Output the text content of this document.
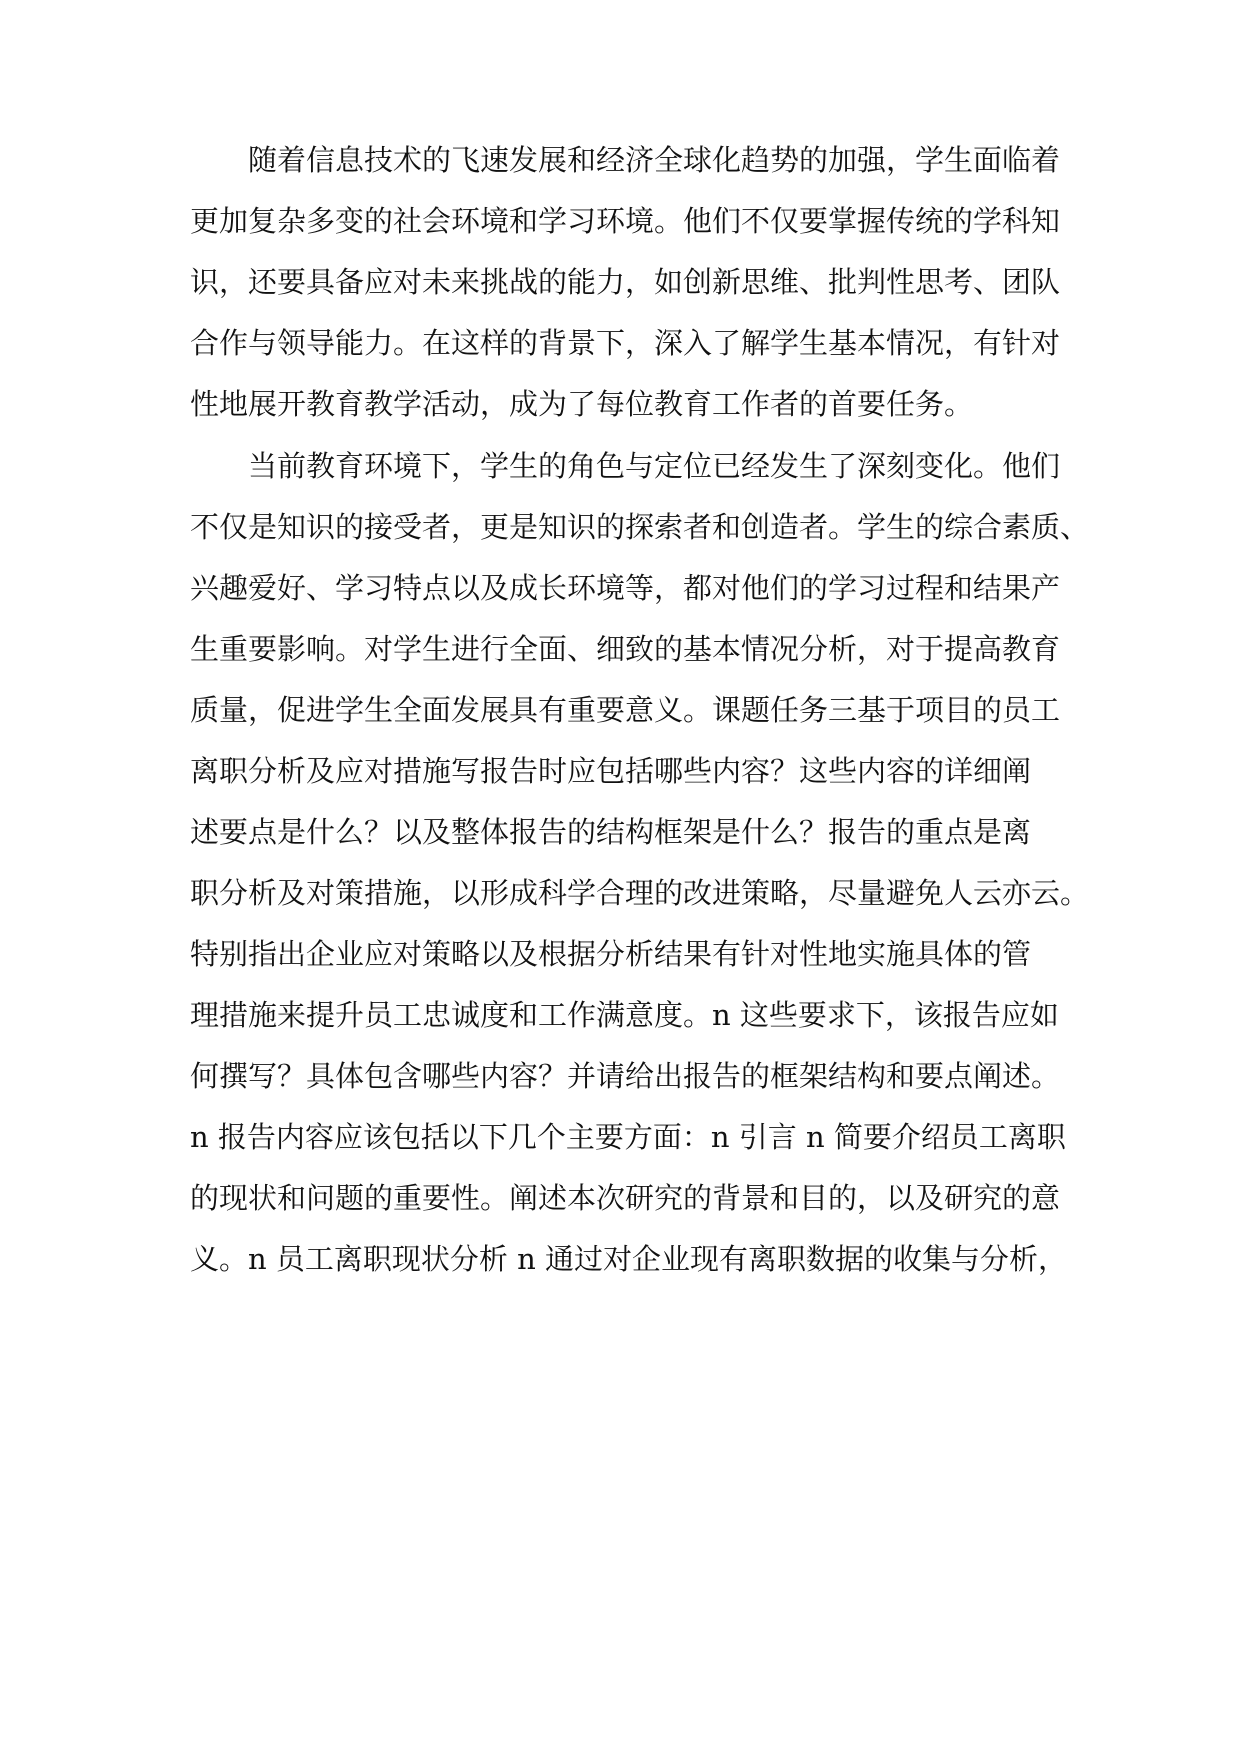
随着信息技术的飞速发展和经济全球化趋势的加强，学生面临着
更加复杂多变的社会环境和学习环境。他们不仅要掌握传统的学科知
识，还要具备应对未来挑战的能力，如创新思维、批判性思考、团队
合作与领导能力。在这样的背景下，深入了解学生基本情况，有针对
性地展开教育教学活动，成为了每位教育工作者的首要任务。
当前教育环境下，学生的角色与定位已经发生了深刻变化。他们
不仅是知识的接受者，更是知识的探索者和创造者。学生的综合素质、
兴趣爱好、学习特点以及成长环境等，都对他们的学习过程和结果产
生重要影响。对学生进行全面、细致的基本情况分析，对于提高教育
质量，促进学生全面发展具有重要意义。课题任务三基于项目的员工
离职分析及应对措施写报告时应包括哪些内容？这些内容的详细阐
述要点是什么？以及整体报告的结构框架是什么？报告的重点是离
职分析及对策措施，以形成科学合理的改进策略，尽量避免人云亦云。
特别指出企业应对策略以及根据分析结果有针对性地实施具体的管
理措施来提升员工忠诚度和工作满意度。n 这些要求下，该报告应如
何撰写？具体包含哪些内容？并请给出报告的框架结构和要点阐述。
n 报告内容应该包括以下几个主要方面：n 引言 n 简要介绍员工离职
的现状和问题的重要性。阐述本次研究的背景和目的，以及研究的意
义。n 员工离职现状分析 n 通过对企业现有离职数据的收集与分析，
